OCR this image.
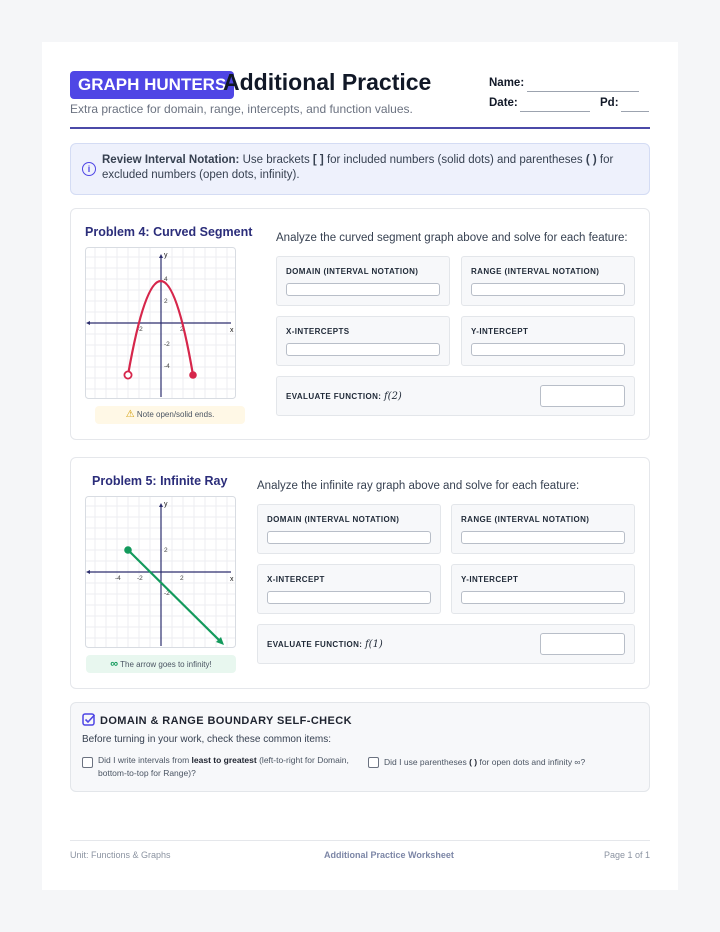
GRAPH HUNTERS
Additional Practice
Extra practice for domain, range, intercepts, and function values.
Name:
Date:	Pd:
i
Review Interval Notation: Use brackets [ ] for included numbers (solid dots) and parentheses ( ) for excluded numbers (open dots, infinity).
Problem 4: Curved Segment
x
y
-2	2
4
2
-2
-4
⚠ Note open/solid ends.
Analyze the curved segment graph above and solve for each feature:
DOMAIN (INTERVAL NOTATION)	RANGE (INTERVAL NOTATION)
X-INTERCEPTS	Y-INTERCEPT
EVALUATE FUNCTION: f(2)
Problem 5: Infinite Ray
x
y
-4 -2	2
2
-2
∞ The arrow goes to infinity!
Analyze the infinite ray graph above and solve for each feature:
DOMAIN (INTERVAL NOTATION)	RANGE (INTERVAL NOTATION)
X-INTERCEPT	Y-INTERCEPT
EVALUATE FUNCTION: f(1)
DOMAIN & RANGE BOUNDARY SELF-CHECK
Before turning in your work, check these common items:
Did I write intervals from least to greatest (left-to-right for Domain, bottom-to-top for Range)?
Did I use parentheses ( ) for open dots and infinity ∞?
Unit: Functions & Graphs	Additional Practice Worksheet	Page 1 of 1
